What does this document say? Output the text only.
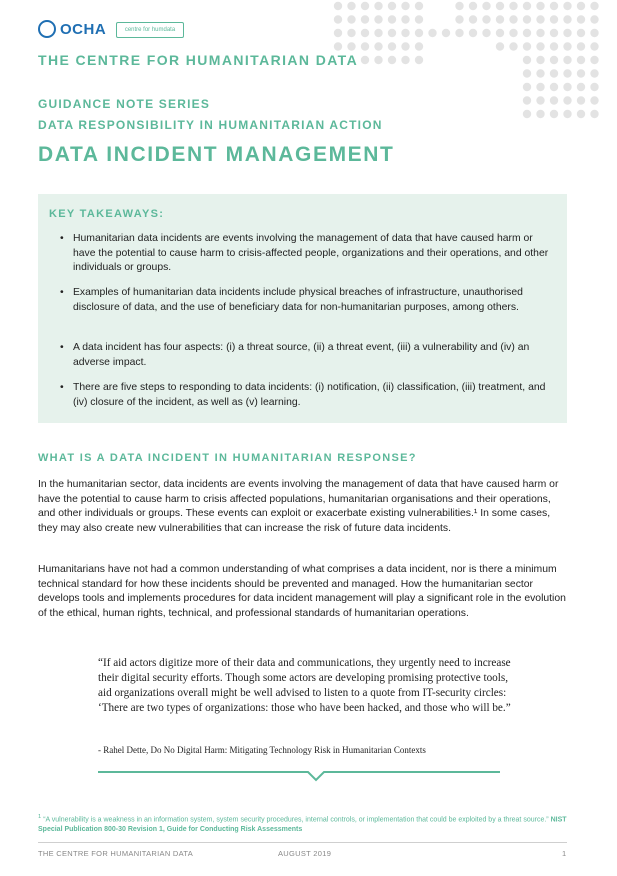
OCHA	centre for humdata
THE CENTRE FOR HUMANITARIAN DATA
GUIDANCE NOTE SERIES
DATA RESPONSIBILITY IN HUMANITARIAN ACTION
DATA INCIDENT MANAGEMENT
KEY TAKEAWAYS:
• Humanitarian data incidents are events involving the management of data that have caused harm or have the potential to cause harm to crisis-affected people, organizations and their operations, and other individuals or groups.
• Examples of humanitarian data incidents include physical breaches of infrastructure, unauthorised disclosure of data, and the use of beneficiary data for non-humanitarian purposes, among others.
• A data incident has four aspects: (i) a threat source, (ii) a threat event, (iii) a vulnerability and (iv) an adverse impact.
• There are five steps to responding to data incidents: (i) notification, (ii) classification, (iii) treatment, and (iv) closure of the incident, as well as (v) learning.
WHAT IS A DATA INCIDENT IN HUMANITARIAN RESPONSE?
In the humanitarian sector, data incidents are events involving the management of data that have caused harm or have the potential to cause harm to crisis affected populations, humanitarian organisations and their operations, and other individuals or groups. These events can exploit or exacerbate existing vulnerabilities.¹ In some cases, they may also create new vulnerabilities that can increase the risk of future data incidents.
Humanitarians have not had a common understanding of what comprises a data incident, nor is there a minimum technical standard for how these incidents should be prevented and managed. How the humanitarian sector develops tools and implements procedures for data incident management will play a significant role in the evolution of the ethical, human rights, technical, and professional standards of humanitarian operations.
“If aid actors digitize more of their data and communications, they urgently need to increase their digital security efforts. Though some actors are developing promising protective tools, aid organizations overall might be well advised to listen to a quote from IT-security circles: ‘There are two types of organizations: those who have been hacked, and those who will be.”
- Rahel Dette, Do No Digital Harm: Mitigating Technology Risk in Humanitarian Contexts
$^1$ “A vulnerability is a weakness in an information system, system security procedures, internal controls, or implementation that could be exploited by a threat source.” NIST Special Publication 800-30 Revision 1, Guide for Conducting Risk Assessments
THE CENTRE FOR HUMANITARIAN DATA	AUGUST 2019	1
